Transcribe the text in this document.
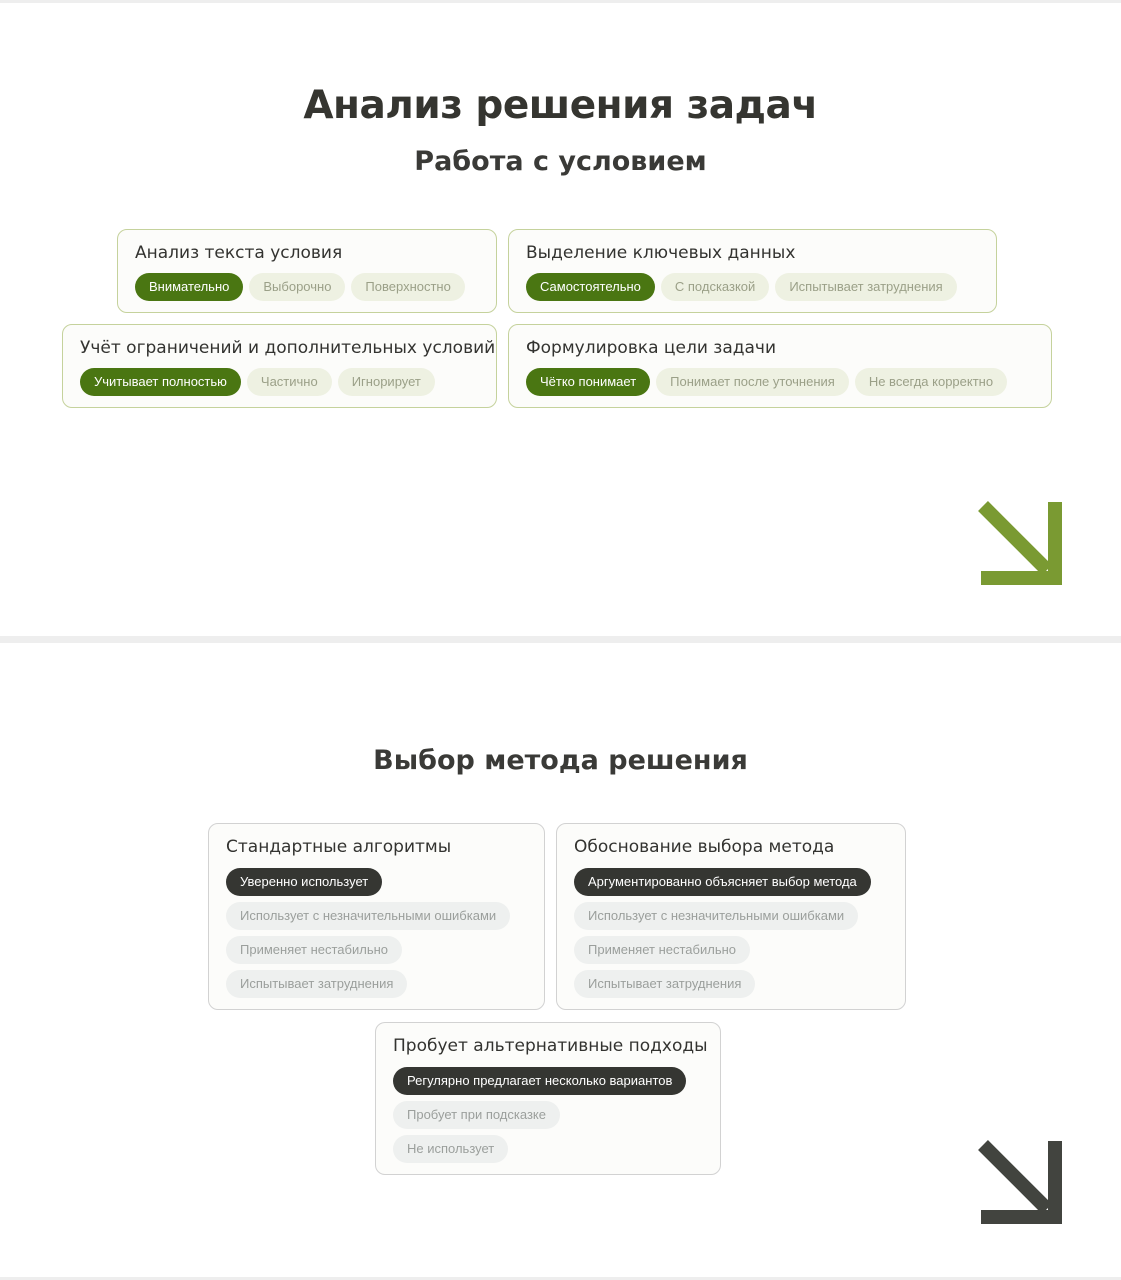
Анализ решения задач
Работа с условием
Анализ текста условия
Внимательно	Выборочно	Поверхностно
Выделение ключевых данных
Самостоятельно	С подсказкой	Испытывает затруднения
Учёт ограничений и дополнительных условий
Учитывает полностью	Частично	Игнорирует
Формулировка цели задачи
Чётко понимает	Понимает после уточнения	Не всегда корректно
Выбор метода решения
Стандартные алгоритмы
Уверенно использует
Использует с незначительными ошибками
Применяет нестабильно
Испытывает затруднения
Обоснование выбора метода
Аргументированно объясняет выбор метода
Использует с незначительными ошибками
Применяет нестабильно
Испытывает затруднения
Пробует альтернативные подходы
Регулярно предлагает несколько вариантов
Пробует при подсказке
Не использует
